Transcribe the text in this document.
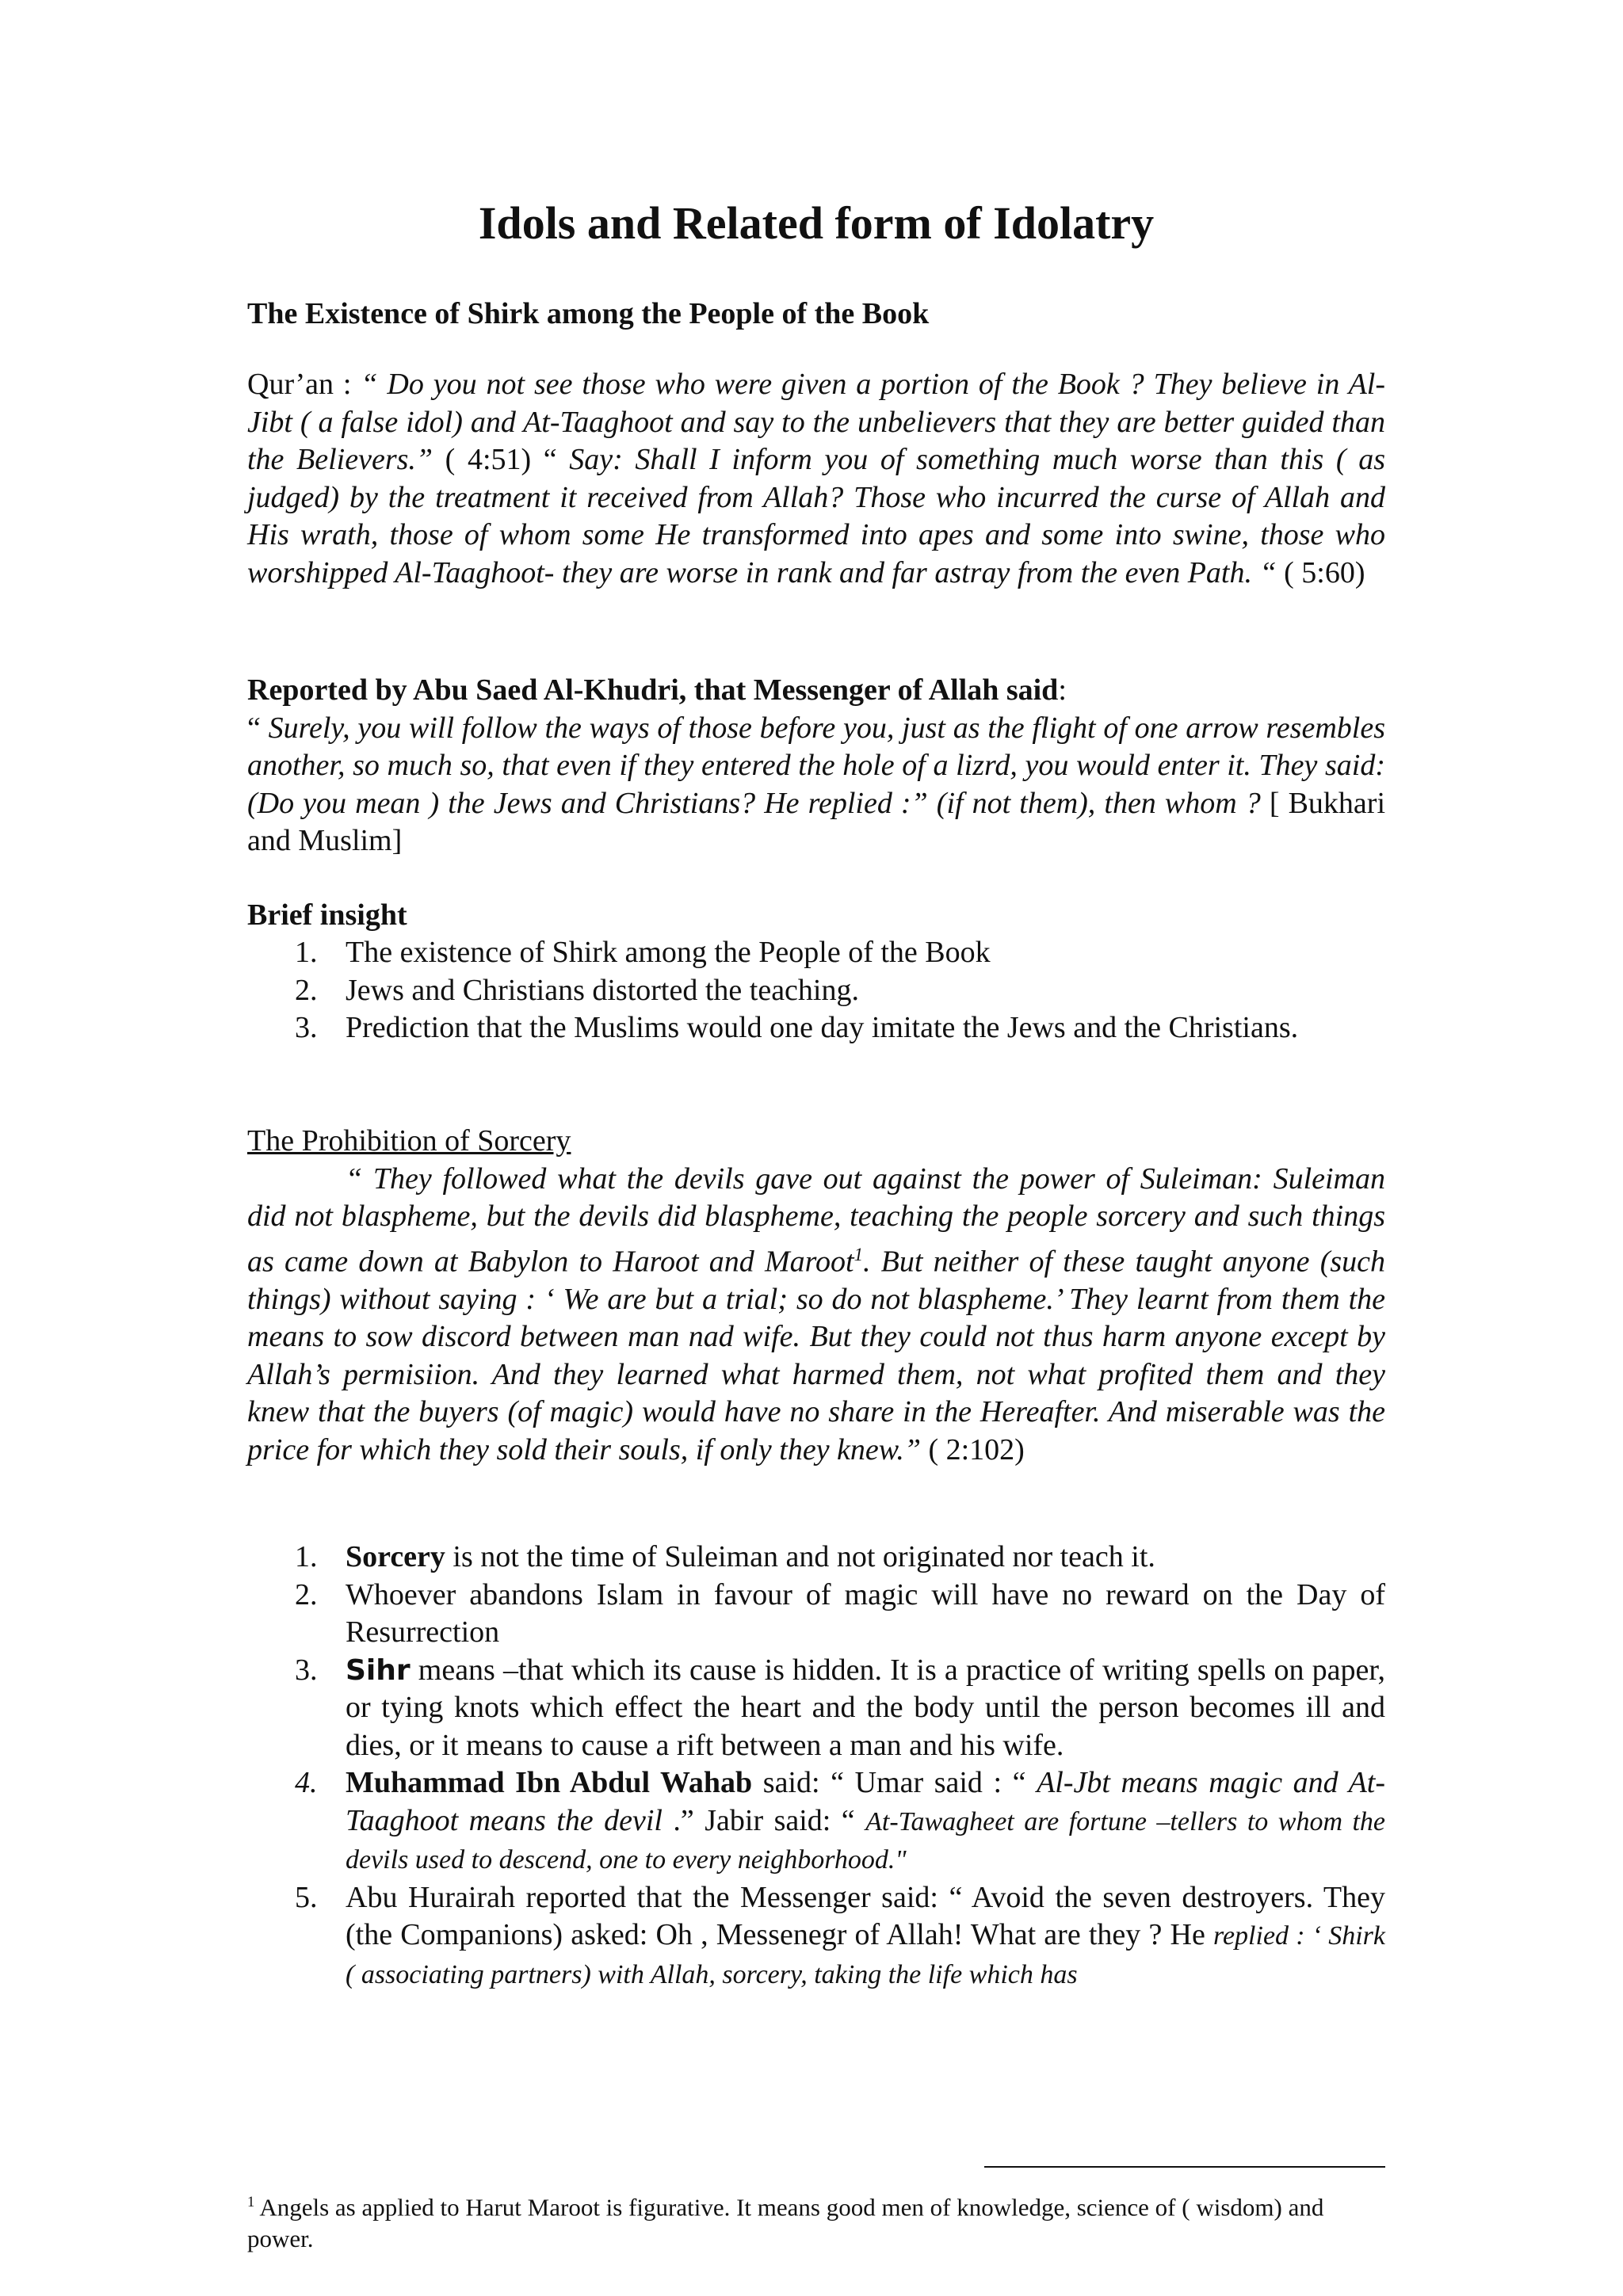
Idols and Related form of Idolatry

The Existence of Shirk among the People of the Book

Qur’an : “ Do you not see those who were given a portion of the Book ? They believe in Al-Jibt ( a false idol) and At-Taaghoot and say to the unbelievers that they are better guided than the Believers.” ( 4:51) “ Say: Shall I inform you of something much worse than this ( as judged) by the treatment it received from Allah? Those who incurred the curse of Allah and His wrath, those of whom some He transformed into apes and some into swine, those who worshipped Al-Taaghoot- they are worse in rank and far astray from the even Path. “ ( 5:60)

Reported by Abu Saed Al-Khudri, that Messenger of Allah said:
“ Surely, you will follow the ways of those before you, just as the flight of one arrow resembles another, so much so, that even if they entered the hole of a lizrd, you would enter it. They said: (Do you mean ) the Jews and Christians? He replied :” (if not them), then whom ? [ Bukhari and Muslim]

Brief insight

1. The existence of Shirk among the People of the Book
2. Jews and Christians distorted the teaching.
3. Prediction that the Muslims would one day imitate the Jews and the Christians.

The Prohibition of Sorcery

“ They followed what the devils gave out against the power of Suleiman: Suleiman did not blaspheme, but the devils did blaspheme, teaching the people sorcery and such things as came down at Babylon to Haroot and Maroot$^1$. But neither of these taught anyone (such things) without saying : ‘ We are but a trial; so do not blaspheme.’ They learnt from them the means to sow discord between man nad wife. But they could not thus harm anyone except by Allah’s permisiion. And they learned what harmed them, not what profited them and they knew that the buyers (of magic) would have no share in the Hereafter. And miserable was the price for which they sold their souls, if only they knew.” ( 2:102)

1. Sorcery is not the time of Suleiman and not originated nor teach it.
2. Whoever abandons Islam in favour of magic will have no reward on the Day of Resurrection
3. Sihr means –that which its cause is hidden. It is a practice of writing spells on paper, or tying knots which effect the heart and the body until the person becomes ill and dies, or it means to cause a rift between a man and his wife.
4. Muhammad Ibn Abdul Wahab said: “ Umar said : “ Al-Jbt means magic and At-Taaghoot means the devil .” Jabir said: “ At-Tawagheet are fortune –tellers to whom the devils used to descend, one to every neighborhood."
5. Abu Hurairah reported that the Messenger said: “ Avoid the seven destroyers. They (the Companions) asked: Oh , Messenegr of Allah! What are they ? He replied : ‘ Shirk ( associating partners) with Allah, sorcery, taking the life which has
$^1$ Angels as applied to Harut Maroot is figurative. It means good men of knowledge, science of ( wisdom) and power.
